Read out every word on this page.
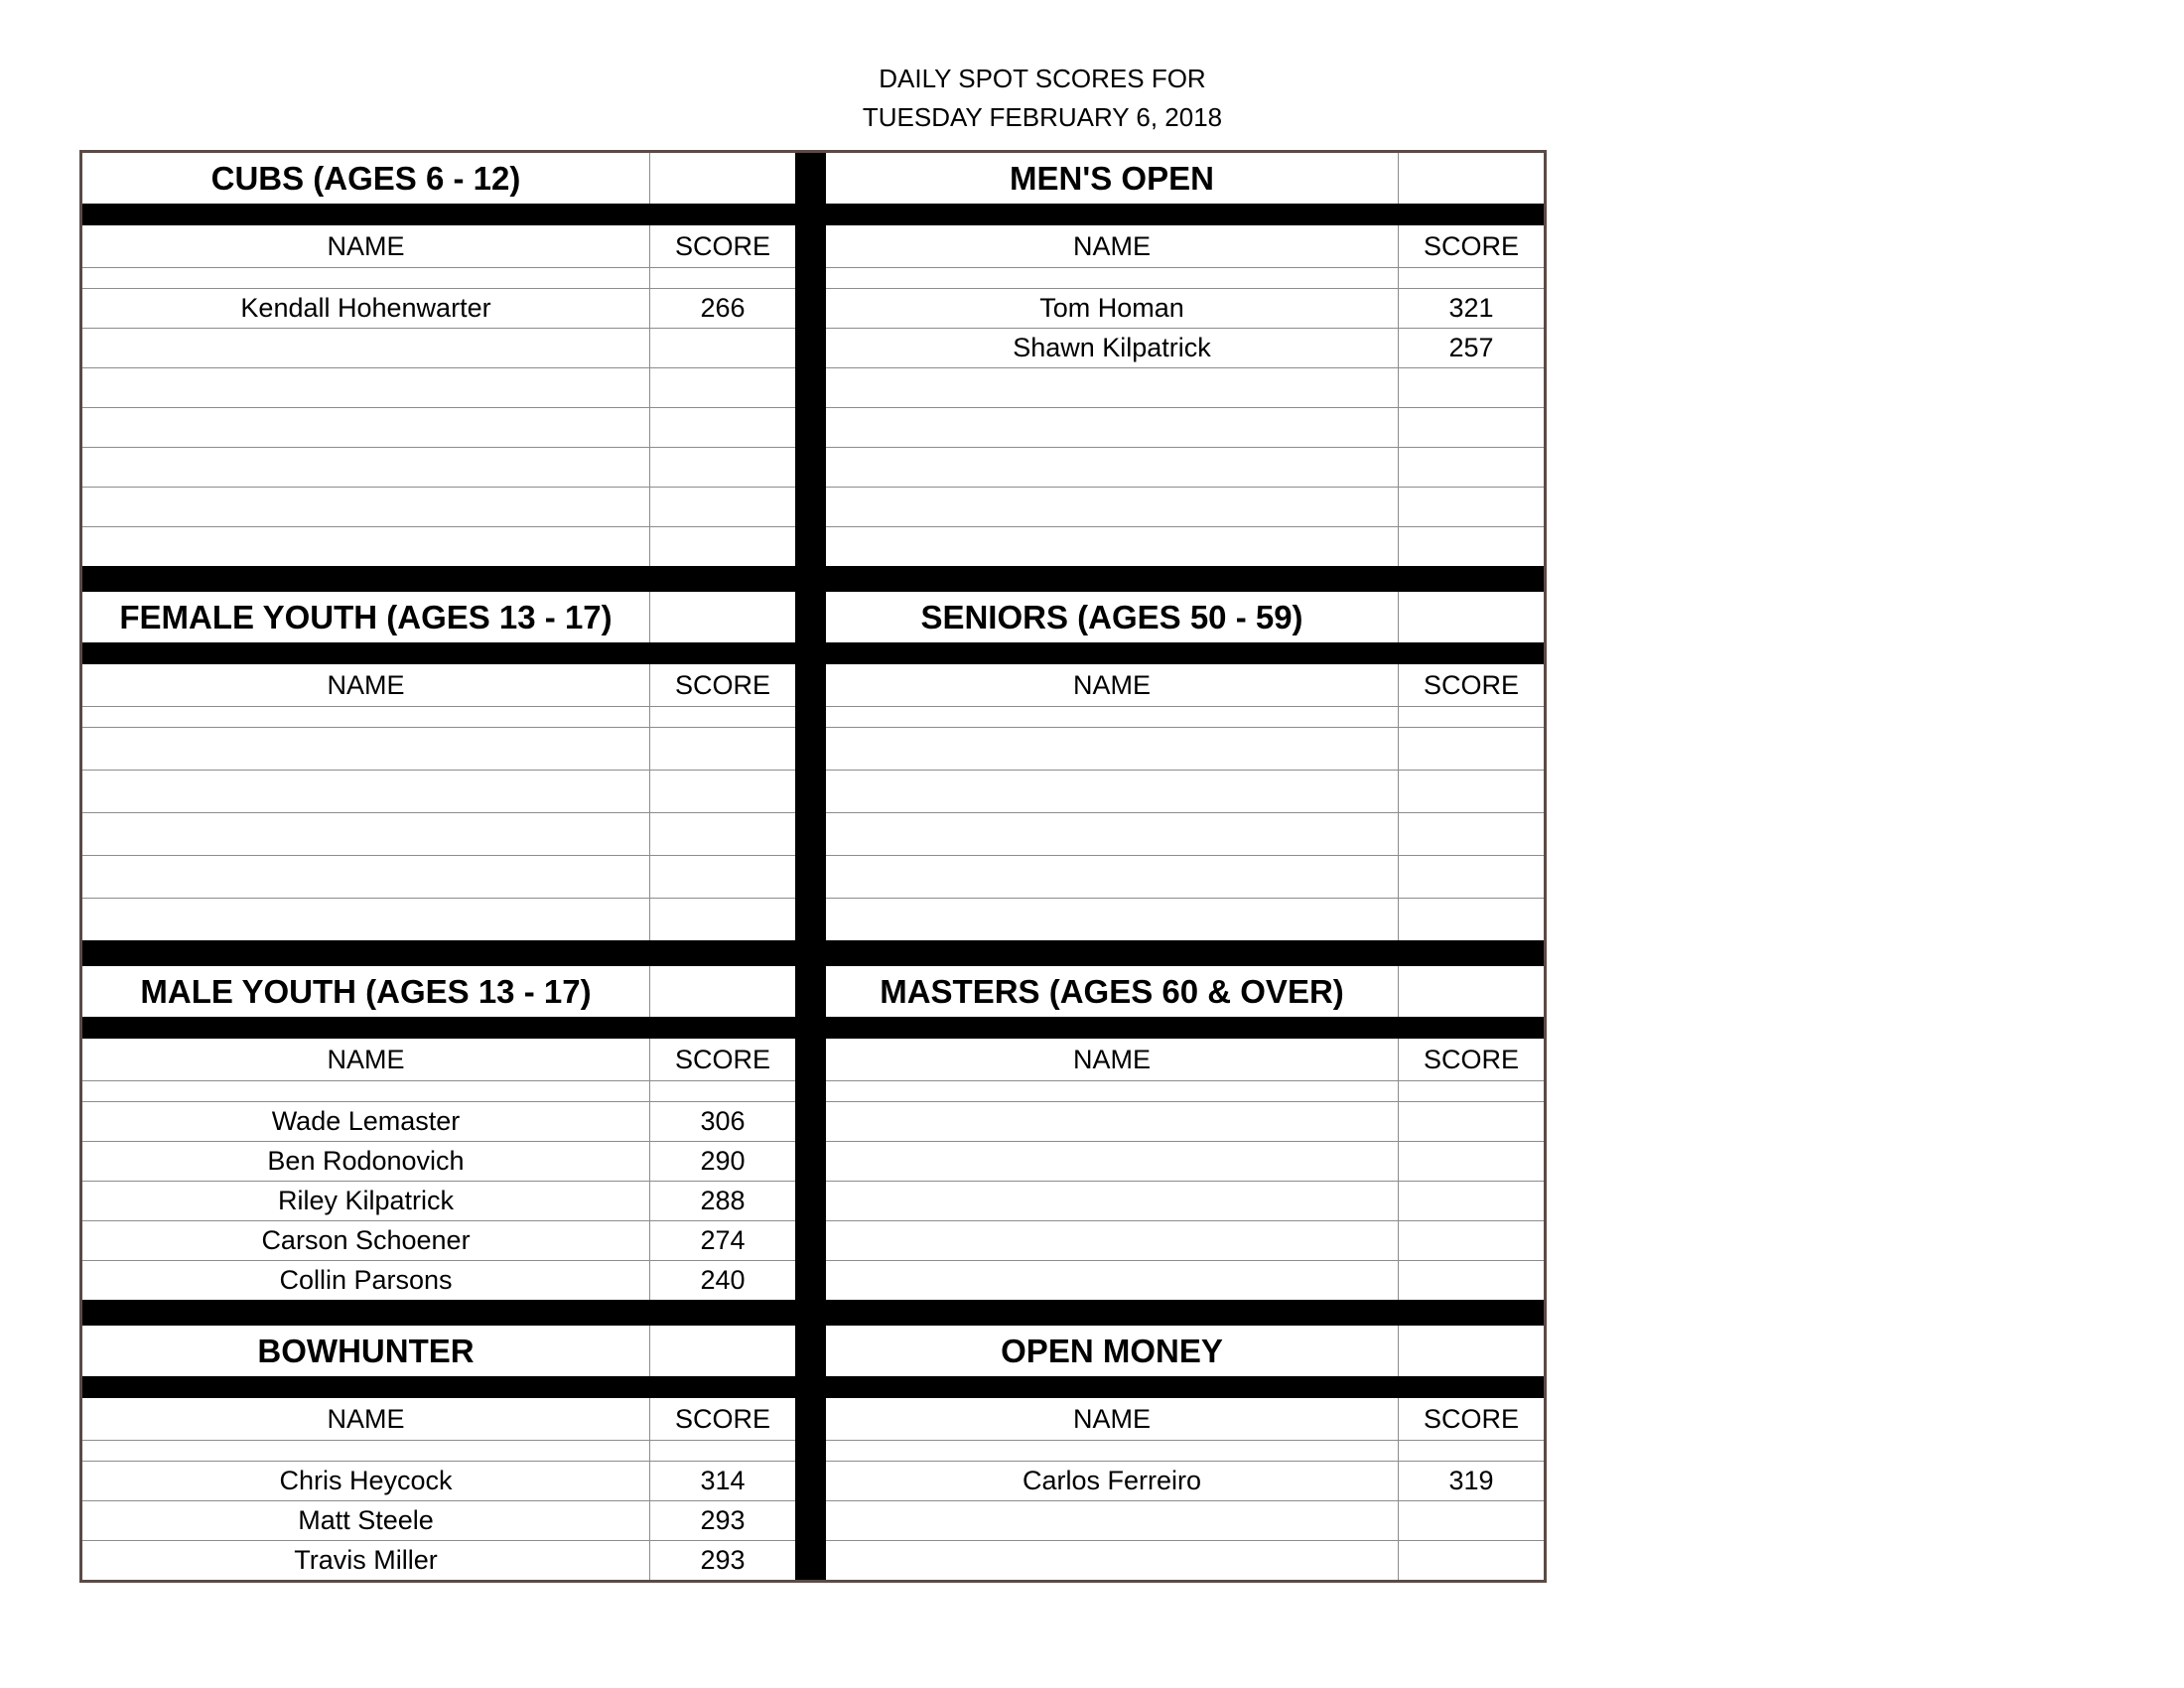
DAILY SPOT SCORES FOR
TUESDAY FEBRUARY 6, 2018
CUBS (AGES 6 - 12)
NAME	SCORE
Kendall Hohenwarter	266
MEN'S OPEN
NAME	SCORE
Tom Homan	321
Shawn Kilpatrick	257
FEMALE YOUTH (AGES 13 - 17)
NAME	SCORE
SENIORS (AGES 50 - 59)
NAME	SCORE
MALE YOUTH (AGES 13 - 17)
NAME	SCORE
Wade Lemaster	306
Ben Rodonovich	290
Riley Kilpatrick	288
Carson Schoener	274
Collin Parsons	240
MASTERS (AGES 60 & OVER)
NAME	SCORE
BOWHUNTER
NAME	SCORE
Chris Heycock	314
Matt Steele	293
Travis Miller	293
OPEN MONEY
NAME	SCORE
Carlos Ferreiro	319
